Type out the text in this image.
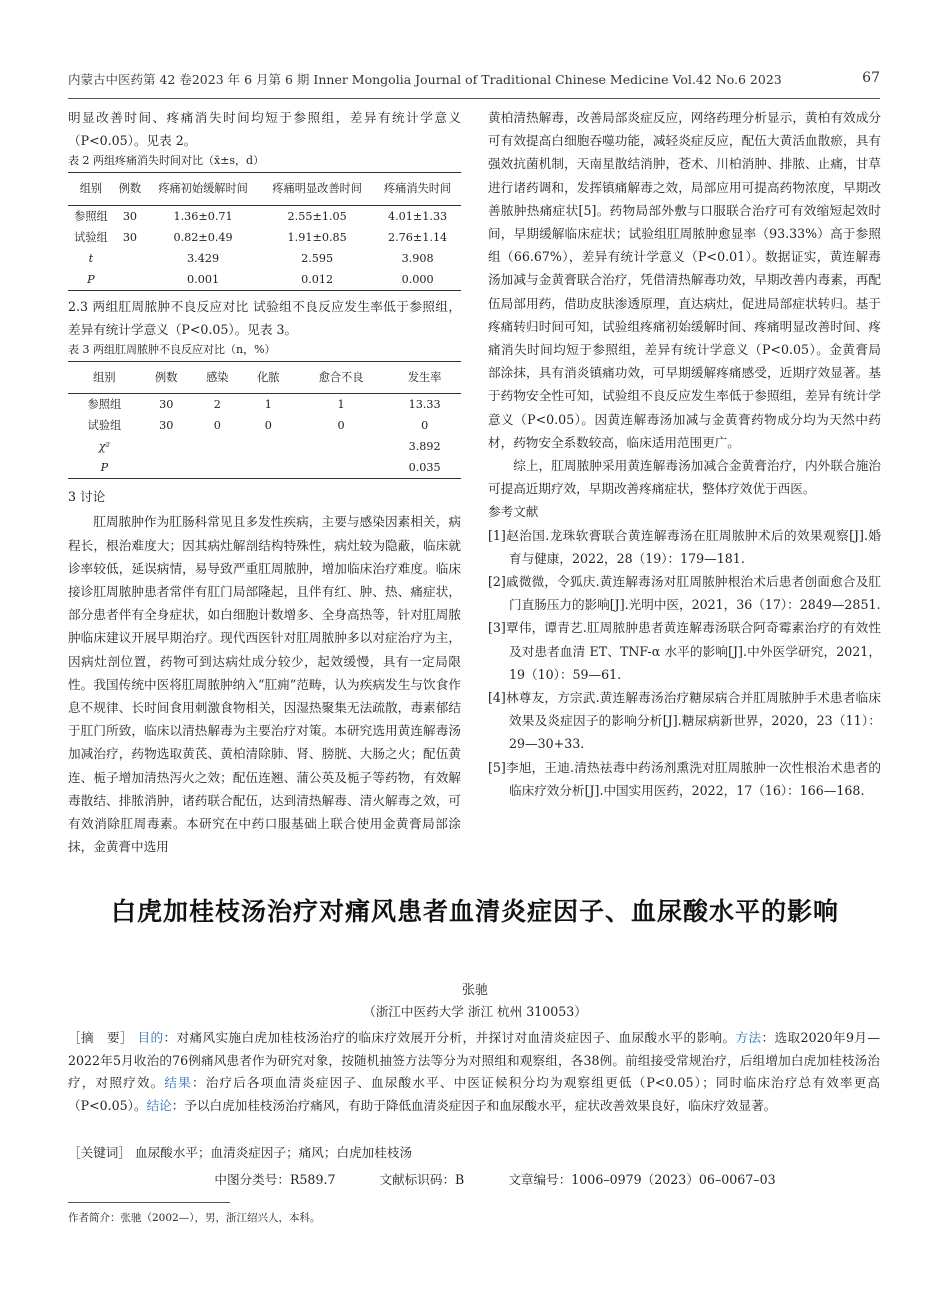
内蒙古中医药第 42 卷2023 年 6 月第 6 期 Inner Mongolia Journal of Traditional Chinese Medicine Vol.42 No.6 2023	67

明显改善时间、疼痛消失时间均短于参照组，差异有统计学意义（P<0.05）。见表 2。

表 2 两组疼痛消失时间对比（x̄±s，d）

组别	例数	疼痛初始缓解时间	疼痛明显改善时间	疼痛消失时间
参照组	30	1.36±0.71	2.55±1.05	4.01±1.33
试验组	30	0.82±0.49	1.91±0.85	2.76±1.14
t		3.429	2.595	3.908
P		0.001	0.012	0.000

2.3 两组肛周脓肿不良反应对比 试验组不良反应发生率低于参照组，差异有统计学意义（P<0.05）。见表 3。

表 3 两组肛周脓肿不良反应对比（n，%）

组别	例数	感染	化脓	愈合不良	发生率
参照组	30	2	1	1	13.33
试验组	30	0	0	0	0
χ²					3.892
P					0.035

3 讨论

肛周脓肿作为肛肠科常见且多发性疾病，主要与感染因素相关，病程长，根治难度大；因其病灶解剖结构特殊性，病灶较为隐蔽，临床就诊率较低，延误病情，易导致严重肛周脓肿，增加临床治疗难度。临床接诊肛周脓肿患者常伴有肛门局部隆起，且伴有红、肿、热、痛症状，部分患者伴有全身症状，如白细胞计数增多、全身高热等，针对肛周脓肿临床建议开展早期治疗。现代西医针对肛周脓肿多以对症治疗为主，因病灶剖位置，药物可到达病灶成分较少，起效缓慢，具有一定局限性。我国传统中医将肛周脓肿纳入“肛痈”范畴，认为疾病发生与饮食作息不规律、长时间食用刺激食物相关，因湿热聚集无法疏散，毒素郁结于肛门所致，临床以清热解毒为主要治疗对策。本研究选用黄连解毒汤加减治疗，药物选取黄芪、黄柏清除肺、肾、膀胱、大肠之火；配伍黄连、栀子增加清热泻火之效；配伍连翘、蒲公英及栀子等药物，有效解毒散结、排脓消肿，诸药联合配伍，达到清热解毒、清火解毒之效，可有效消除肛周毒素。本研究在中药口服基础上联合使用金黄膏局部涂抹，金黄膏中选用

黄柏清热解毒，改善局部炎症反应，网络药理分析显示，黄柏有效成分可有效提高白细胞吞噬功能，减轻炎症反应，配伍大黄活血散瘀，具有强效抗菌机制，天南星散结消肿，苍术、川柏消肿、排脓、止痛，甘草进行诸药调和，发挥镇痛解毒之效，局部应用可提高药物浓度，早期改善脓肿热痛症状[5]。药物局部外敷与口服联合治疗可有效缩短起效时间，早期缓解临床症状；试验组肛周脓肿愈显率（93.33%）高于参照组（66.67%），差异有统计学意义（P<0.01）。数据证实，黄连解毒汤加减与金黄膏联合治疗，凭借清热解毒功效，早期改善内毒素，再配伍局部用药，借助皮肤渗透原理，直达病灶，促进局部症状转归。基于疼痛转归时间可知，试验组疼痛初始缓解时间、疼痛明显改善时间、疼痛消失时间均短于参照组，差异有统计学意义（P<0.05）。金黄膏局部涂抹，具有消炎镇痛功效，可早期缓解疼痛感受，近期疗效显著。基于药物安全性可知，试验组不良反应发生率低于参照组，差异有统计学意义（P<0.05）。因黄连解毒汤加减与金黄膏药物成分均为天然中药材，药物安全系数较高，临床适用范围更广。

综上，肛周脓肿采用黄连解毒汤加减合金黄膏治疗，内外联合施治可提高近期疗效，早期改善疼痛症状，整体疗效优于西医。

参考文献

[1]赵治国.龙珠软膏联合黄连解毒汤在肛周脓肿术后的效果观察[J].婚育与健康，2022，28（19）：179—181.

[2]戚微微，令狐庆.黄连解毒汤对肛周脓肿根治术后患者创面愈合及肛门直肠压力的影响[J].光明中医，2021，36（17）：2849—2851.

[3]覃伟，谭青艺.肛周脓肿患者黄连解毒汤联合阿奇霉素治疗的有效性及对患者血清 ET、TNF-α 水平的影响[J].中外医学研究，2021，19（10）：59—61.

[4]林尊友，方宗武.黄连解毒汤治疗糖尿病合并肛周脓肿手术患者临床效果及炎症因子的影响分析[J].糖尿病新世界，2020，23（11）：29—30+33.

[5]李旭，王迪.清热祛毒中药汤剂熏洗对肛周脓肿一次性根治术患者的临床疗效分析[J].中国实用医药，2022，17（16）：166—168.

白虎加桂枝汤治疗对痛风患者血清炎症因子、血尿酸水平的影响
张驰
（浙江中医药大学 浙江 杭州 310053）

［摘　要］ 目的：对痛风实施白虎加桂枝汤治疗的临床疗效展开分析，并探讨对血清炎症因子、血尿酸水平的影响。方法：选取2020年9月—2022年5月收治的76例痛风患者作为研究对象，按随机抽签方法等分为对照组和观察组，各38例。前组接受常规治疗，后组增加白虎加桂枝汤治疗，对照疗效。结果：治疗后各项血清炎症因子、血尿酸水平、中医证候积分均为观察组更低（P<0.05）；同时临床治疗总有效率更高（P<0.05）。结论：予以白虎加桂枝汤治疗痛风，有助于降低血清炎症因子和血尿酸水平，症状改善效果良好，临床疗效显著。

［关键词］ 血尿酸水平；血清炎症因子；痛风；白虎加桂枝汤
中图分类号：R589.7	文献标识码：B	文章编号：1006–0979（2023）06–0067–03
作者简介：张驰（2002—），男，浙江绍兴人，本科。
